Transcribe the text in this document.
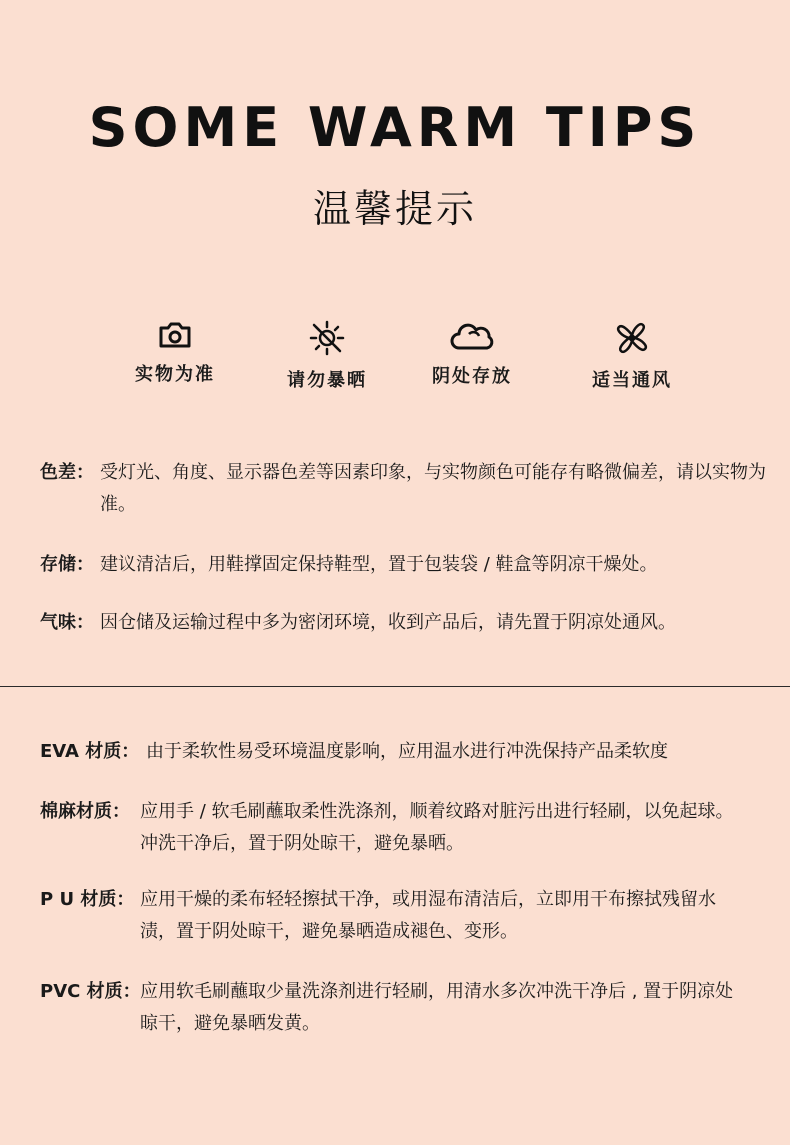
SOME WARM TIPS
温馨提示
实物为准	请勿暴晒	阴处存放	适当通风
色差： 受灯光、角度、显示器色差等因素印象，与实物颜色可能存有略微偏差，请以实物为准。
存储： 建议清洁后，用鞋撑固定保持鞋型，置于包装袋 / 鞋盒等阴凉干燥处。
气味： 因仓储及运输过程中多为密闭环境，收到产品后，请先置于阴凉处通风。
EVA 材质： 由于柔软性易受环境温度影响，应用温水进行冲洗保持产品柔软度
棉麻材质： 应用手 / 软毛刷蘸取柔性洗涤剂，顺着纹路对脏污出进行轻刷，以免起球。冲洗干净后，置于阴处晾干，避免暴晒。
P U 材质： 应用干燥的柔布轻轻擦拭干净，或用湿布清洁后，立即用干布擦拭残留水渍，置于阴处晾干，避免暴晒造成褪色、变形。
PVC 材质： 应用软毛刷蘸取少量洗涤剂进行轻刷，用清水多次冲洗干净后 , 置于阴凉处晾干，避免暴晒发黄。
